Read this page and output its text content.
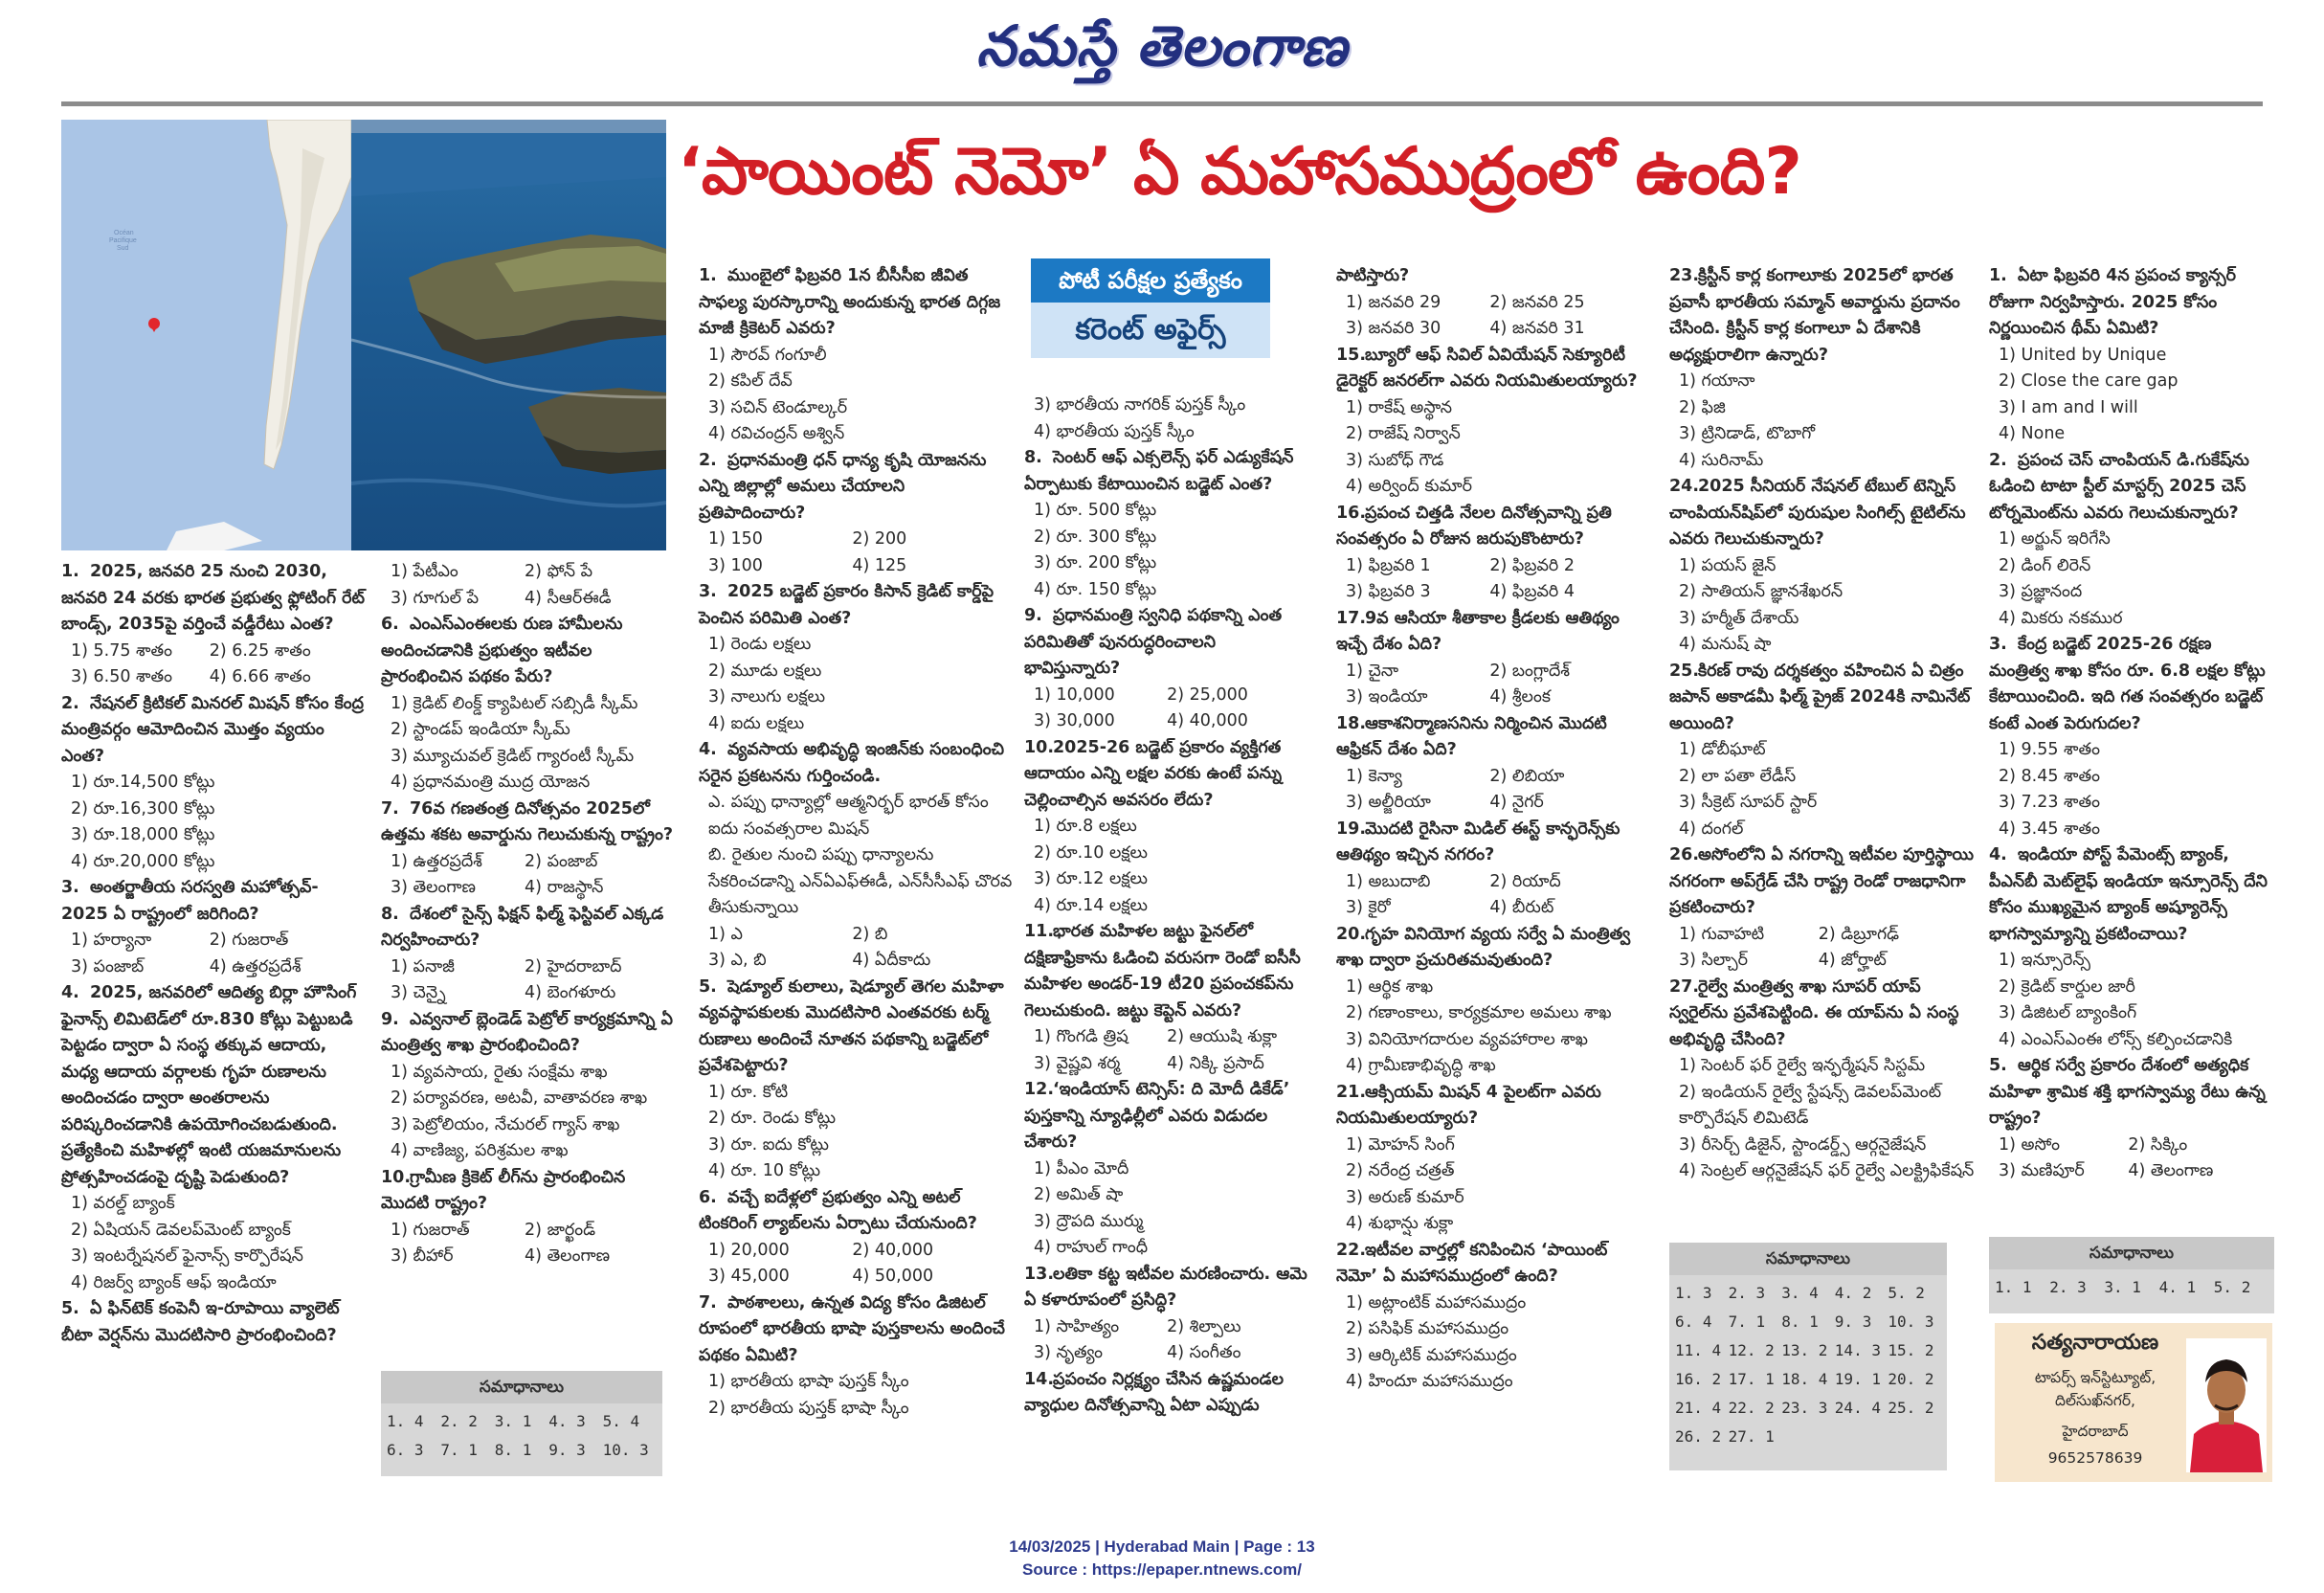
నమస్తే తెలంగాణ
Océan
Pacifique
Sud
‘పాయింట్ నెమో’ ఏ మహాసముద్రంలో ఉంది?
పోటీ పరీక్షల ప్రత్యేకం
కరెంట్ అఫైర్స్
1. 2025, జనవరి 25 నుంచి 2030, జనవరి 24 వరకు భారత ప్రభుత్వ ఫ్లోటింగ్ రేట్ బాండ్స్, 2035పై వర్తించే వడ్డీరేటు ఎంత?
1) 5.75 శాతం 2) 6.25 శాతం3) 6.50 శాతం 4) 6.66 శాతం
2. నేషనల్ క్రిటికల్ మినరల్ మిషన్ కోసం కేంద్ర మంత్రివర్గం ఆమోదించిన మొత్తం వ్యయం ఎంత?
1) రూ.14,500 కోట్లు2) రూ.16,300 కోట్లు3) రూ.18,000 కోట్లు4) రూ.20,000 కోట్లు
3. అంతర్జాతీయ సరస్వతి మహోత్సవ్- 2025 ఏ రాష్ట్రంలో జరిగింది?
1) హర్యానా	2) గుజరాత్3) పంజాబ్	4) ఉత్తరప్రదేశ్
4. 2025, జనవరిలో ఆదిత్య బిర్లా హౌసింగ్ ఫైనాన్స్ లిమిటెడ్‌లో రూ.830 కోట్లు పెట్టుబడి పెట్టడం ద్వారా ఏ సంస్థ తక్కువ ఆదాయ, మధ్య ఆదాయ వర్గాలకు గృహ రుణాలను అందించడం ద్వారా అంతరాలను పరిష్కరించడానికి ఉపయోగించబడుతుంది. ప్రత్యేకించి మహిళల్లో ఇంటి యజమానులను ప్రోత్సహించడంపై దృష్టి పెడుతుంది?
1) వరల్డ్ బ్యాంక్2) ఏషియన్ డెవలప్‌మెంట్ బ్యాంక్3) ఇంటర్నేషనల్ ఫైనాన్స్ కార్పొరేషన్4) రిజర్వ్ బ్యాంక్ ఆఫ్ ఇండియా
5. ఏ ఫిన్‌టెక్ కంపెనీ ఇ-రూపాయి వ్యాలెట్ బీటా వెర్షన్‌ను మొదటిసారి ప్రారంభించింది?
1) పేటీఎం	2) ఫోన్ పే3) గూగుల్ పే	4) సీఆర్ఈడీ
6. ఎంఎస్ఎంఈలకు రుణ హామీలను అందించడానికి ప్రభుత్వం ఇటీవల ప్రారంభించిన పథకం పేరు?
1) క్రెడిట్ లింక్డ్ క్యాపిటల్ సబ్సిడీ స్కీమ్2) స్టాండప్ ఇండియా స్కీమ్3) మ్యూచువల్ క్రెడిట్ గ్యారంటీ స్కీమ్4) ప్రధానమంత్రి ముద్ర యోజన
7. 76వ గణతంత్ర దినోత్సవం 2025లో ఉత్తమ శకట అవార్డును గెలుచుకున్న రాష్ట్రం?
1) ఉత్తరప్రదేశ్	2) పంజాబ్3) తెలంగాణ	4) రాజస్థాన్
8. దేశంలో సైన్స్ ఫిక్షన్ ఫిల్మ్ ఫెస్టివల్ ఎక్కడ నిర్వహించారు?
1) పనాజీ	2) హైదరాబాద్3) చెన్నై	4) బెంగళూరు
9. ఎవ్వనాల్ బ్లెండెడ్ పెట్రోల్ కార్యక్రమాన్ని ఏ మంత్రిత్వ శాఖ ప్రారంభించింది?
1) వ్యవసాయ, రైతు సంక్షేమ శాఖ2) పర్యావరణ, అటవీ, వాతావరణ శాఖ3) పెట్రోలియం, నేచురల్ గ్యాస్ శాఖ4) వాణిజ్య, పరిశ్రమల శాఖ
10.గ్రామీణ క్రికెట్ లీగ్‌ను ప్రారంభించిన మొదటి రాష్ట్రం?
1) గుజరాత్	2) జార్ఖండ్3) బీహార్	4) తెలంగాణ
1. ముంబైలో ఫిబ్రవరి 1న బీసీసీఐ జీవిత సాఫల్య పురస్కారాన్ని అందుకున్న భారత దిగ్గజ మాజీ క్రికెటర్ ఎవరు?
1) సౌరవ్ గంగూలీ2) కపిల్ దేవ్3) సచిన్ టెండూల్కర్4) రవిచంద్రన్ అశ్విన్
2. ప్రధానమంత్రి ధన్ ధాన్య కృషి యోజనను ఎన్ని జిల్లాల్లో అమలు చేయాలని ప్రతిపాదించారు?
1) 150	2) 2003) 100	4) 125
3. 2025 బడ్జెట్ ప్రకారం కిసాన్ క్రెడిట్ కార్డ్‌పై పెంచిన పరిమితి ఎంత?
1) రెండు లక్షలు2) మూడు లక్షలు3) నాలుగు లక్షలు4) ఐదు లక్షలు
4. వ్యవసాయ అభివృద్ధి ఇంజిన్‌కు సంబంధించి సరైన ప్రకటనను గుర్తించండి.
ఎ. పప్పు ధాన్యాల్లో ఆత్మనిర్భర్ భారత్ కోసం ఐదు సంవత్సరాల మిషన్బి. రైతుల నుంచి పప్పు ధాన్యాలను సేకరించడాన్ని ఎన్ఏఎఫ్ఈడీ, ఎన్‌సీసీఎఫ్ చొరవ తీసుకున్నాయి1) ఎ	2) బి3) ఎ, బి	4) ఏదీకాదు
5. షెడ్యూల్ కులాలు, షెడ్యూల్ తెగల మహిళా వ్యవస్థాపకులకు మొదటిసారి ఎంతవరకు టర్మ్ రుణాలు అందించే నూతన పథకాన్ని బడ్జెట్‌లో ప్రవేశపెట్టారు?
1) రూ. కోటి2) రూ. రెండు కోట్లు3) రూ. ఐదు కోట్లు4) రూ. 10 కోట్లు
6. వచ్చే ఐదేళ్లలో ప్రభుత్వం ఎన్ని అటల్ టింకరింగ్ ల్యాబ్‌లను ఏర్పాటు చేయనుంది?
1) 20,000	2) 40,0003) 45,000	4) 50,000
7. పాఠశాలలు, ఉన్నత విద్య కోసం డిజిటల్ రూపంలో భారతీయ భాషా పుస్తకాలను అందించే పథకం ఏమిటి?
1) భారతీయ భాషా పుస్తక్ స్కీం2) భారతీయ పుస్తక్ భాషా స్కీం
3) భారతీయ నాగరిక్ పుస్తక్ స్కీం4) భారతీయ పుస్తక్ స్కీం
8. సెంటర్ ఆఫ్ ఎక్సలెన్స్ ఫర్ ఎడ్యుకేషన్ ఏర్పాటుకు కేటాయించిన బడ్జెట్ ఎంత?
1) రూ. 500 కోట్లు2) రూ. 300 కోట్లు3) రూ. 200 కోట్లు4) రూ. 150 కోట్లు
9. ప్రధానమంత్రి స్వనిధి పథకాన్ని ఎంత పరిమితితో పునరుద్ధరించాలని భావిస్తున్నారు?
1) 10,000	2) 25,0003) 30,000	4) 40,000
10.2025-26 బడ్జెట్ ప్రకారం వ్యక్తిగత ఆదాయం ఎన్ని లక్షల వరకు ఉంటే పన్ను చెల్లించాల్సిన అవసరం లేదు?
1) రూ.8 లక్షలు2) రూ.10 లక్షలు3) రూ.12 లక్షలు4) రూ.14 లక్షలు
11.భారత మహిళల జట్టు ఫైనల్‌లో దక్షిణాఫ్రికాను ఓడించి వరుసగా రెండో ఐసీసీ మహిళల అండర్-19 టీ20 ప్రపంచకప్‌ను గెలుచుకుంది. జట్టు కెప్టెన్ ఎవరు?
1) గొంగడి త్రిష 2) ఆయుషి శుక్లా3) వైష్ణవి శర్మ	4) నిక్కి ప్రసాద్
12.‘ఇండియాస్ టెన్సిస్: ది మోదీ డికేడ్’ పుస్తకాన్ని న్యూఢిల్లీలో ఎవరు విడుదల చేశారు?
1) పీఎం మోదీ2) అమిత్ షా3) ద్రౌపది ముర్ము4) రాహుల్ గాంధీ
13.లతికా కట్ట ఇటీవల మరణించారు. ఆమె ఏ కళారూపంలో ప్రసిద్ధి?
1) సాహిత్యం	2) శిల్పాలు3) నృత్యం	4) సంగీతం
14.ప్రపంచం నిర్లక్ష్యం చేసిన ఉష్ణమండల వ్యాధుల దినోత్సవాన్ని ఏటా ఎప్పుడు
పాటిస్తారు?
1) జనవరి 29	2) జనవరి 253) జనవరి 30	4) జనవరి 31
15.బ్యూరో ఆఫ్ సివిల్ ఏవియేషన్ సెక్యూరిటీ డైరెక్టర్ జనరల్‌గా ఎవరు నియమితులయ్యారు?
1) రాకేష్ అస్థాన2) రాజేష్ నిర్వాన్3) సుబోధ్ గౌడ4) అర్వింద్ కుమార్
16.ప్రపంచ చిత్తడి నేలల దినోత్సవాన్ని ప్రతి సంవత్సరం ఏ రోజున జరుపుకొంటారు?
1) ఫిబ్రవరి 1	2) ఫిబ్రవరి 23) ఫిబ్రవరి 3	4) ఫిబ్రవరి 4
17.9వ ఆసియా శీతాకాల క్రీడలకు ఆతిథ్యం ఇచ్చే దేశం ఏది?
1) చైనా	2) బంగ్లాదేశ్3) ఇండియా	4) శ్రీలంక
18.ఆకాశనిర్మాణసనిను నిర్మించిన మొదటి ఆఫ్రికన్ దేశం ఏది?
1) కెన్యా	2) లిబియా3) అల్జీరియా	4) నైగర్
19.మొదటి రైసినా మిడిల్ ఈస్ట్ కాన్ఫరెన్స్‌కు ఆతిథ్యం ఇచ్చిన నగరం?
1) అబుదాబి	2) రియాద్3) కైరో	4) బీరుట్
20.గృహ వినియోగ వ్యయ సర్వే ఏ మంత్రిత్వ శాఖ ద్వారా ప్రచురితమవుతుంది?
1) ఆర్థిక శాఖ2) గణాంకాలు, కార్యక్రమాల అమలు శాఖ3) వినియోగదారుల వ్యవహారాల శాఖ4) గ్రామీణాభివృద్ధి శాఖ
21.ఆక్సియమ్ మిషన్ 4 పైలట్‌గా ఎవరు నియమితులయ్యారు?
1) మోహన్ సింగ్2) నరేంద్ర చత్రత్3) అరుణ్ కుమార్4) శుభాన్షు శుక్లా
22.ఇటీవల వార్తల్లో కనిపించిన ‘పాయింట్ నెమో’ ఏ మహాసముద్రంలో ఉంది?
1) అట్లాంటిక్ మహాసముద్రం2) పసిఫిక్ మహాసముద్రం3) ఆర్కిటిక్ మహాసముద్రం4) హిందూ మహాసముద్రం
23.క్రిస్టీన్ కార్ల కంగాలూకు 2025లో భారత ప్రవాసీ భారతీయ సమ్మాన్ అవార్డును ప్రదానం చేసింది. క్రిస్టీన్ కార్ల కంగాలూ ఏ దేశానికి అధ్యక్షురాలిగా ఉన్నారు?
1) గయానా2) ఫిజి3) ట్రినిడాడ్, టొబాగో4) సురినామ్
24.2025 సీనియర్ నేషనల్ టేబుల్ టెన్నిస్ చాంపియన్‌షిప్‌లో పురుషుల సింగిల్స్ టైటిల్‌ను ఎవరు గెలుచుకున్నారు?
1) పయస్ జైన్2) సాతియన్ జ్ఞానశేఖరన్3) హర్మీత్ దేశాయ్4) మనుష్ షా
25.కిరణ్ రావు దర్శకత్వం వహించిన ఏ చిత్రం జపాన్ అకాడమీ ఫిల్మ్ ప్రైజ్ 2024కి నామినేట్ అయింది?
1) డోబీఘాట్2) లా పతా లేడీస్3) సీక్రెట్ సూపర్ స్టార్4) దంగల్
26.అసోంలోని ఏ నగరాన్ని ఇటీవల పూర్తిస్థాయి నగరంగా అప్‌గ్రేడ్ చేసి రాష్ట్ర రెండో రాజధానిగా ప్రకటించారు?
1) గువాహటి	2) డిబ్రూగఢ్3) సిల్చార్	4) జోర్హాట్
27.రైల్వే మంత్రిత్వ శాఖ సూపర్ యాప్ స్వరైల్‌ను ప్రవేశపెట్టింది. ఈ యాప్‌ను ఏ సంస్థ అభివృద్ధి చేసింది?
1) సెంటర్ ఫర్ రైల్వే ఇన్ఫర్మేషన్ సిస్టమ్2) ఇండియన్ రైల్వే స్టేషన్స్ డెవలప్‌మెంట్ కార్పొరేషన్ లిమిటెడ్3) రీసెర్చ్ డిజైన్, స్టాండర్డ్స్ ఆర్గనైజేషన్4) సెంట్రల్ ఆర్గనైజేషన్ ఫర్ రైల్వే ఎలక్ట్రిఫికేషన్
1. ఏటా ఫిబ్రవరి 4న ప్రపంచ క్యాన్సర్ రోజుగా నిర్వహిస్తారు. 2025 కోసం నిర్ణయించిన థీమ్ ఏమిటి?
1) United by Unique2) Close the care gap3) I am and I will4) None
2. ప్రపంచ చెస్ చాంపియన్ డి.గుకేష్‌ను ఓడించి టాటా స్టీల్ మాస్టర్స్ 2025 చెస్ టోర్నమెంట్‌ను ఎవరు గెలుచుకున్నారు?
1) అర్జున్ ఇరిగేసి2) డింగ్ లిరెన్3) ప్రజ్ఞానంద4) మికరు నకముర
3. కేంద్ర బడ్జెట్ 2025-26 రక్షణ మంత్రిత్వ శాఖ కోసం రూ. 6.8 లక్షల కోట్లు కేటాయించింది. ఇది గత సంవత్సరం బడ్జెట్ కంటే ఎంత పెరుగుదల?
1) 9.55 శాతం2) 8.45 శాతం3) 7.23 శాతం4) 3.45 శాతం
4. ఇండియా పోస్ట్ పేమెంట్స్ బ్యాంక్, పీఎన్‌బీ మెట్‌లైఫ్ ఇండియా ఇన్సూరెన్స్ దేని కోసం ముఖ్యమైన బ్యాంక్ అష్యూరెన్స్ భాగస్వామ్యాన్ని ప్రకటించాయి?
1) ఇన్సూరెన్స్2) క్రెడిట్ కార్డుల జారీ3) డిజిటల్ బ్యాంకింగ్4) ఎంఎస్ఎంఈ లోన్స్ కల్పించడానికి
5. ఆర్థిక సర్వే ప్రకారం దేశంలో అత్యధిక మహిళా శ్రామిక శక్తి భాగస్వామ్య రేటు ఉన్న రాష్ట్రం?
1) అసోం	2) సిక్కిం3) మణిపూర్	4) తెలంగాణ
సమాధానాలు
1. 4	2. 2	3. 1	4. 3	5. 4
6. 3	7. 1	8. 1	9. 3	10. 3
సమాధానాలు
1. 3	2. 3	3. 4	4. 2	5. 2
6. 4	7. 1	8. 1	9. 3	10. 3
11. 4 12. 2 13. 2 14. 3 15. 2
16. 2 17. 1 18. 4 19. 1 20. 2
21. 4 22. 2 23. 3 24. 4 25. 2
26. 2 27. 1
సమాధానాలు
1. 1	2. 3	3. 1	4. 1	5. 2
సత్యనారాయణ
టాపర్స్ ఇన్‌స్టిట్యూట్,
దిల్‌సుఖ్‌నగర్,
హైదరాబాద్
9652578639
14/03/2025 | Hyderabad Main | Page : 13
Source : https://epaper.ntnews.com/
